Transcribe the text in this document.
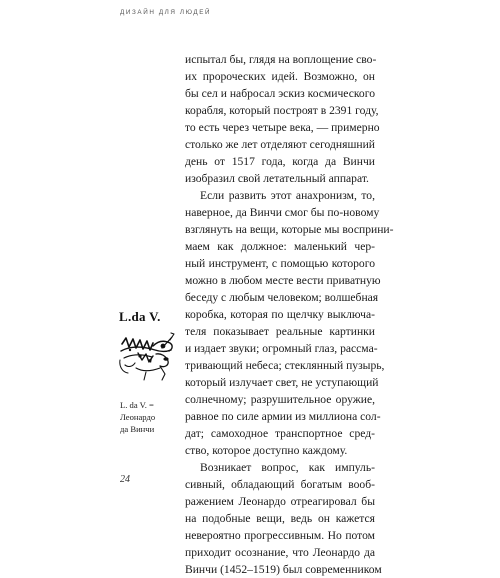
ДИЗАЙН ДЛЯ ЛЮДЕЙ
испытал бы, глядя на воплощение сво-
их пророческих идей. Возможно, он
бы сел и набросал эскиз космического
корабля, который построят в 2391 году,
то есть через четыре века, — примерно
столько же лет отделяют сегодняшний
день от 1517 года, когда да Винчи
изобразил свой летательный аппарат.
Если развить этот анахронизм, то,
наверное, да Винчи смог бы по-новому
взглянуть на вещи, которые мы восприни-
маем как должное: маленький чер-
ный инструмент, с помощью которого
можно в любом месте вести приватную
беседу с любым человеком; волшебная
коробка, которая по щелчку выключа-
теля показывает реальные картинки
и издает звуки; огромный глаз, рассма-
тривающий небеса; стеклянный пузырь,
который излучает свет, не уступающий
солнечному; разрушительное оружие,
равное по силе армии из миллиона сол-
дат; самоходное транспортное сред-
ство, которое доступно каждому.
Возникает вопрос, как импуль-
сивный, обладающий богатым вооб-
ражением Леонардо отреагировал бы
на подобные вещи, ведь он кажется
невероятно прогрессивным. Но потом
приходит осознание, что Леонардо да
Винчи (1452–1519) был современником
L.da V.
L. da V. =
Леонардо
да Винчи
24
